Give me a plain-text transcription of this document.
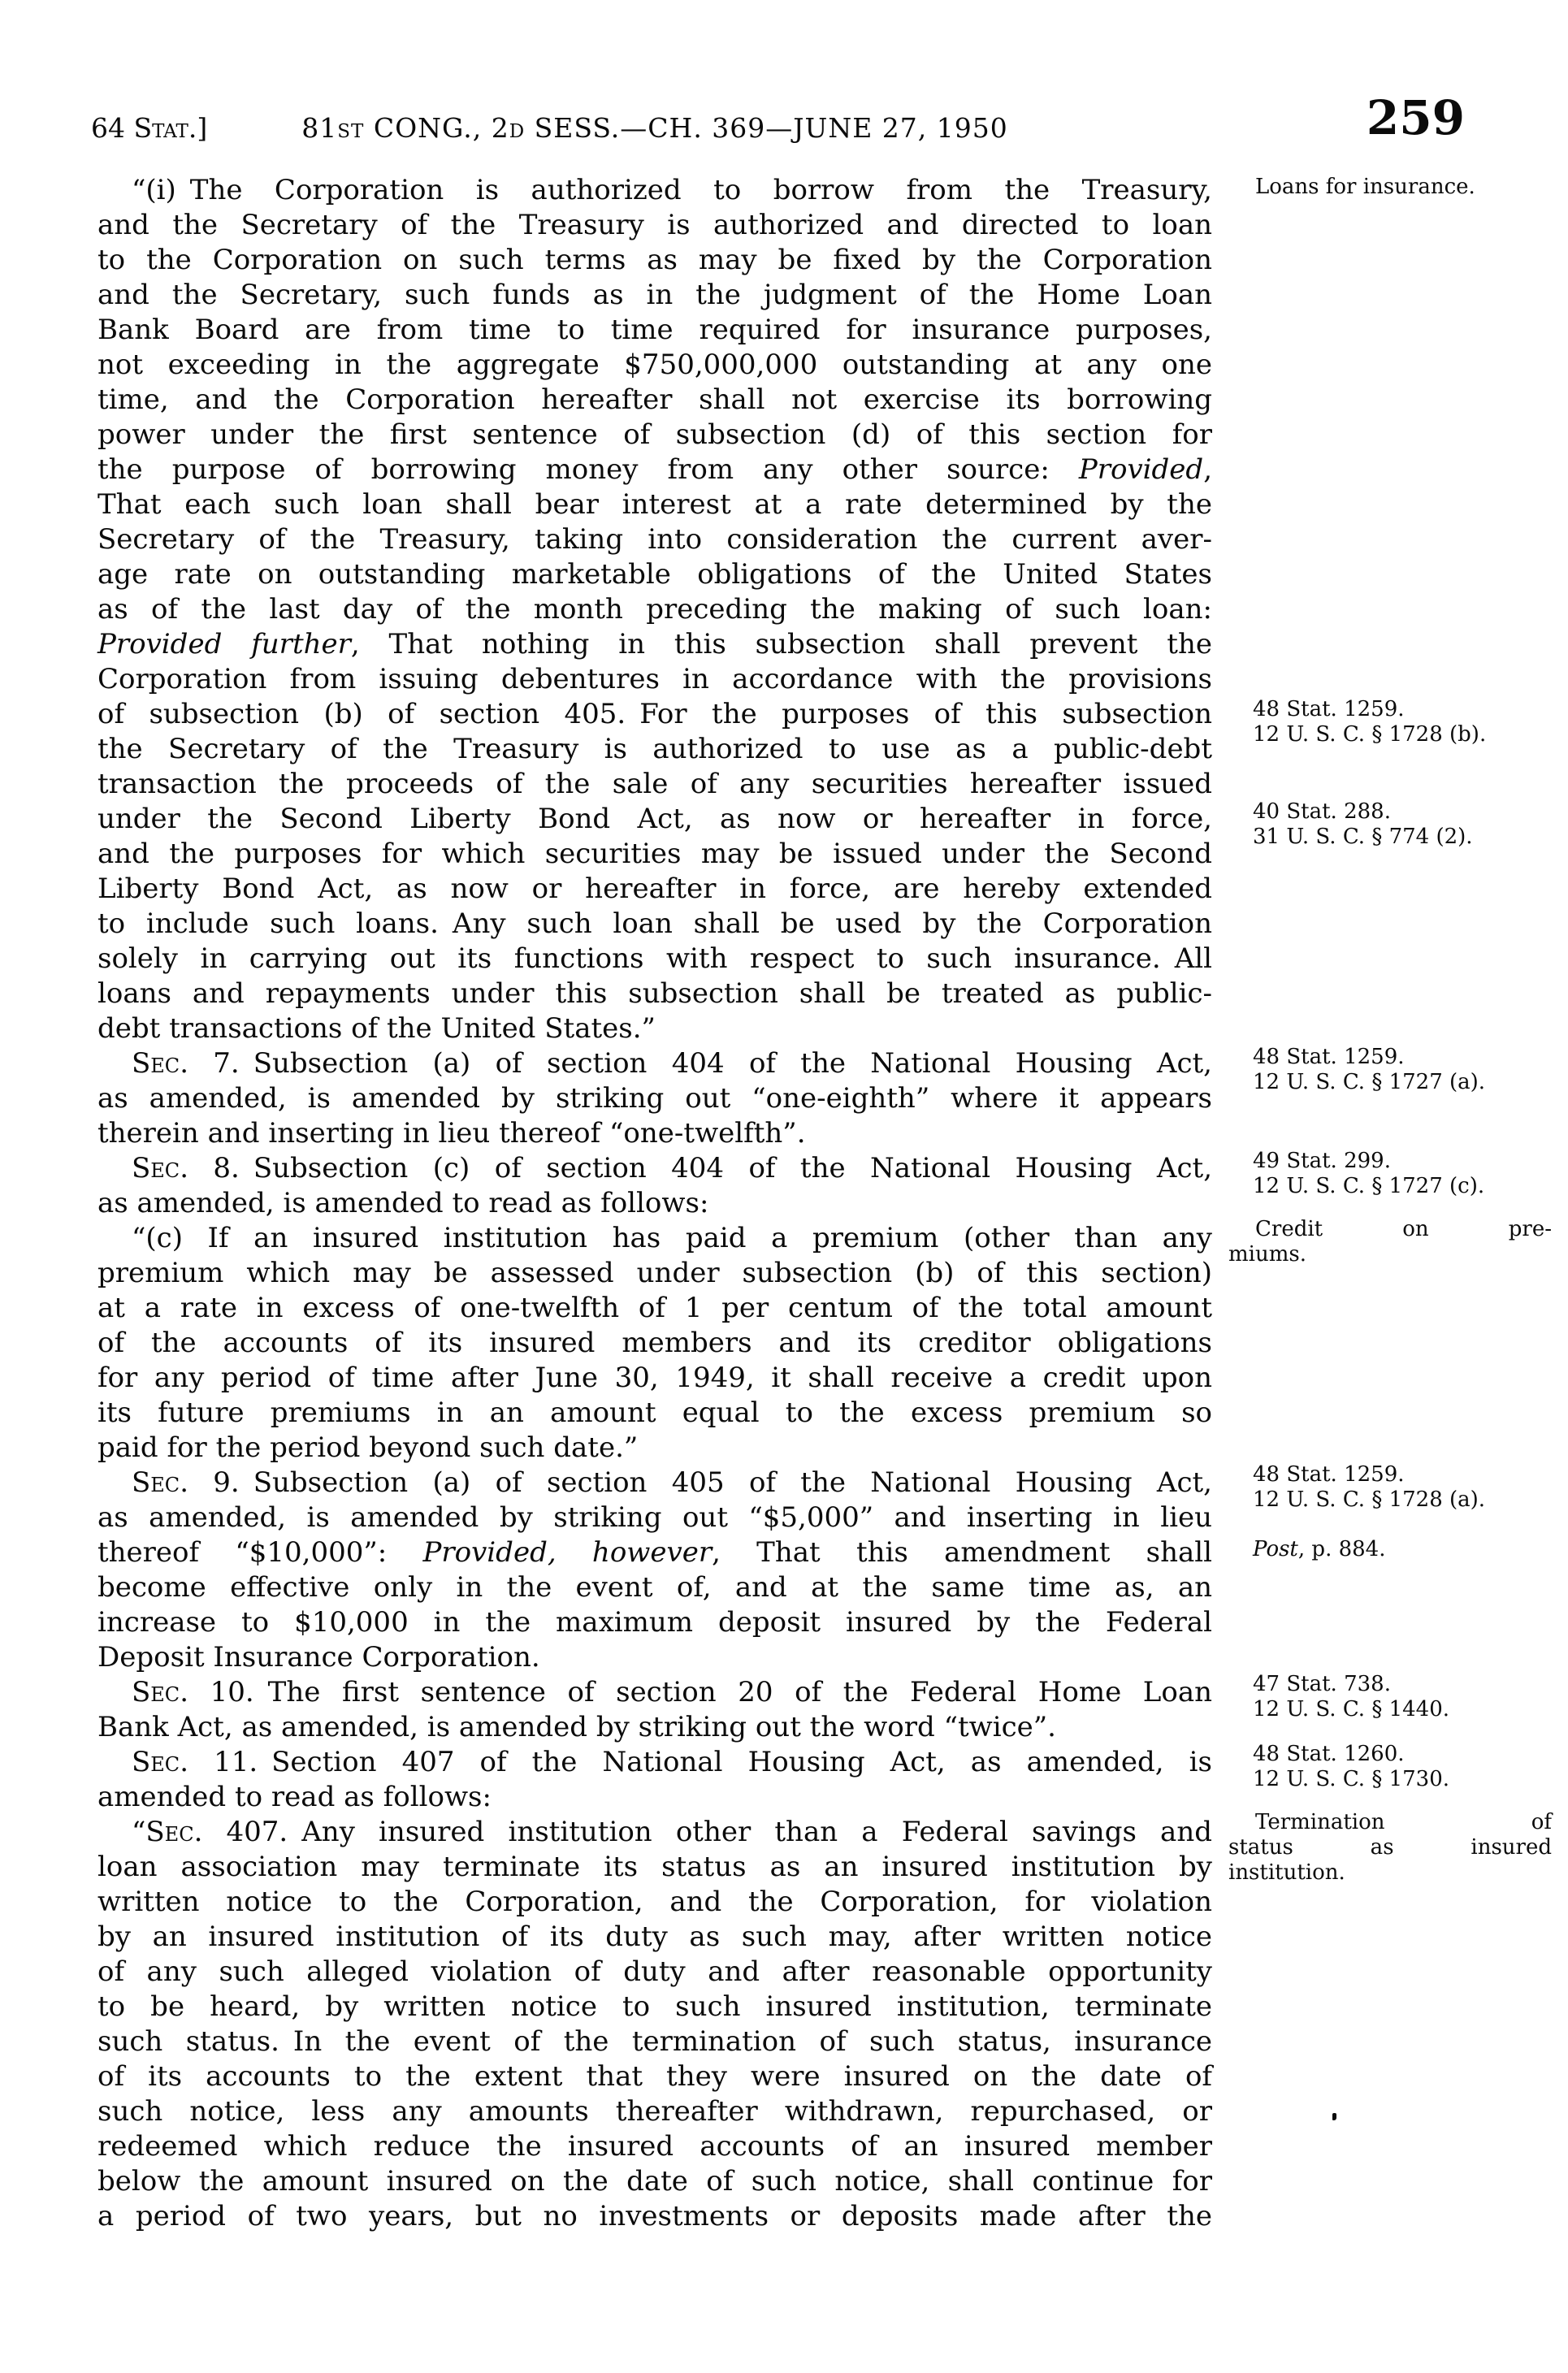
64 Stat.]	81st CONG., 2d SESS.—CH. 369—JUNE 27, 1950	259
“(i) The Corporation is authorized to borrow from the Treasury,
and the Secretary of the Treasury is authorized and directed to loan
to the Corporation on such terms as may be fixed by the Corporation
and the Secretary, such funds as in the judgment of the Home Loan
Bank Board are from time to time required for insurance purposes,
not exceeding in the aggregate $750,000,000 outstanding at any one
time, and the Corporation hereafter shall not exercise its borrowing
power under the first sentence of subsection (d) of this section for
the purpose of borrowing money from any other source: Provided,
That each such loan shall bear interest at a rate determined by the
Secretary of the Treasury, taking into consideration the current aver-
age rate on outstanding marketable obligations of the United States
as of the last day of the month preceding the making of such loan:
Provided further, That nothing in this subsection shall prevent the
Corporation from issuing debentures in accordance with the provisions
of subsection (b) of section 405. For the purposes of this subsection
the Secretary of the Treasury is authorized to use as a public-debt
transaction the proceeds of the sale of any securities hereafter issued
under the Second Liberty Bond Act, as now or hereafter in force,
and the purposes for which securities may be issued under the Second
Liberty Bond Act, as now or hereafter in force, are hereby extended
to include such loans. Any such loan shall be used by the Corporation
solely in carrying out its functions with respect to such insurance. All
loans and repayments under this subsection shall be treated as public-
debt transactions of the United States.”
Sec. 7. Subsection (a) of section 404 of the National Housing Act,
as amended, is amended by striking out “one-eighth” where it appears
therein and inserting in lieu thereof “one-twelfth”.
Sec. 8. Subsection (c) of section 404 of the National Housing Act,
as amended, is amended to read as follows:
“(c) If an insured institution has paid a premium (other than any
premium which may be assessed under subsection (b) of this section)
at a rate in excess of one-twelfth of 1 per centum of the total amount
of the accounts of its insured members and its creditor obligations
for any period of time after June 30, 1949, it shall receive a credit upon
its future premiums in an amount equal to the excess premium so
paid for the period beyond such date.”
Sec. 9. Subsection (a) of section 405 of the National Housing Act,
as amended, is amended by striking out “$5,000” and inserting in lieu
thereof “$10,000”: Provided, however, That this amendment shall
become effective only in the event of, and at the same time as, an
increase to $10,000 in the maximum deposit insured by the Federal
Deposit Insurance Corporation.
Sec. 10. The first sentence of section 20 of the Federal Home Loan
Bank Act, as amended, is amended by striking out the word “twice”.
Sec. 11. Section 407 of the National Housing Act, as amended, is
amended to read as follows:
“Sec. 407. Any insured institution other than a Federal savings and
loan association may terminate its status as an insured institution by
written notice to the Corporation, and the Corporation, for violation
by an insured institution of its duty as such may, after written notice
of any such alleged violation of duty and after reasonable opportunity
to be heard, by written notice to such insured institution, terminate
such status. In the event of the termination of such status, insurance
of its accounts to the extent that they were insured on the date of
such notice, less any amounts thereafter withdrawn, repurchased, or
redeemed which reduce the insured accounts of an insured member
below the amount insured on the date of such notice, shall continue for
a period of two years, but no investments or deposits made after the
Loans for insurance.
48 Stat. 1259.
12 U. S. C. § 1728 (b).
40 Stat. 288.
31 U. S. C. § 774 (2).
48 Stat. 1259.
12 U. S. C. § 1727 (a).
49 Stat. 299.
12 U. S. C. § 1727 (c).
Credit on pre-
miums.
48 Stat. 1259.
12 U. S. C. § 1728 (a).
Post, p. 884.
47 Stat. 738.
12 U. S. C. § 1440.
48 Stat. 1260.
12 U. S. C. § 1730.
Termination of
status as insured
institution.
